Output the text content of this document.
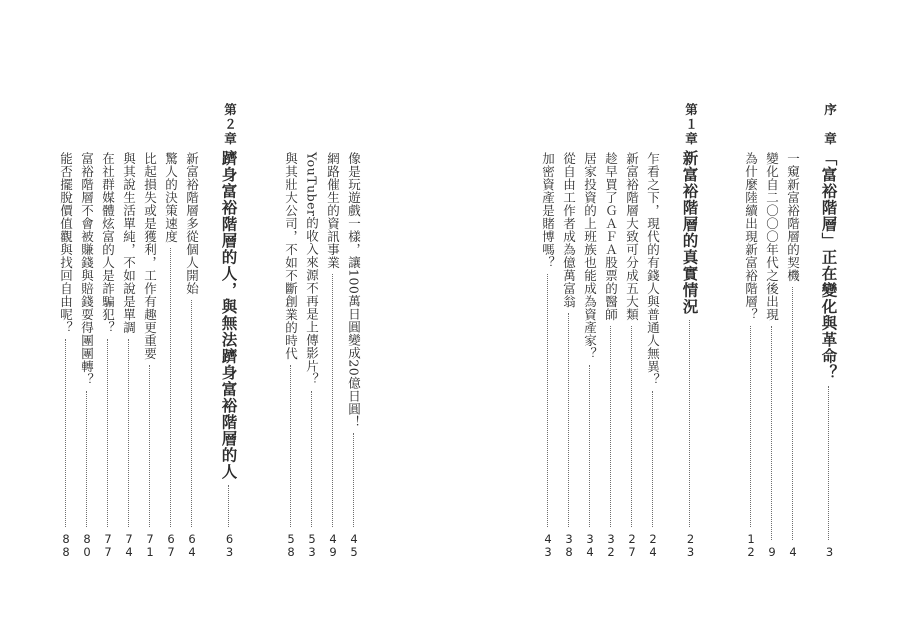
序　章
「富裕階層」正在變化與革命？
3
一窺新富裕階層的契機
4
變化自二〇〇〇年代之後出現
9
為什麼陸續出現新富裕階層？
12
第１章
新富裕階層的真實情況
23
乍看之下，現代的有錢人與普通人無異？
24
新富裕階層大致可分成五大類
27
趁早買了ＧＡＦＡ股票的醫師
32
居家投資的上班族也能成為資產家？
34
從自由工作者成為億萬富翁
38
加密資產是賭博嗎？
43
像是玩遊戲一樣，讓100萬日圓變成20億日圓！
45
網路催生的資訊事業
49
YouTuber的收入來源不再是上傳影片？
53
與其壯大公司，不如不斷創業的時代
58
第２章
躋身富裕階層的人，與無法躋身富裕階層的人
63
新富裕階層多從個人開始
64
驚人的決策速度
67
比起損失或是獲利，工作有趣更重要
71
與其說生活單純，不如說是單調
74
在社群媒體炫富的人是詐騙犯？
77
富裕階層不會被賺錢與賠錢耍得團團轉？
80
能否擺脫價值觀與找回自由呢？
88
